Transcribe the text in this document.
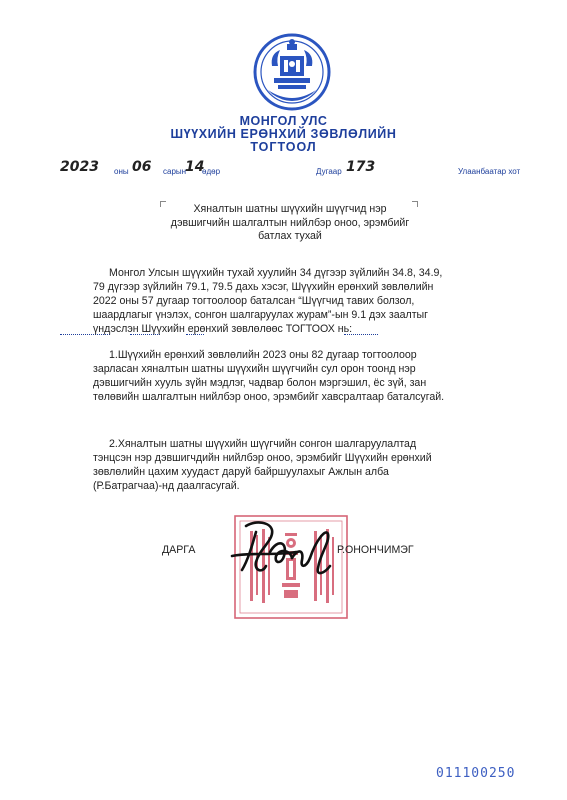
МОНГОЛ УЛС
ШҮҮХИЙН ЕРӨНХИЙ ЗӨВЛӨЛИЙН
ТОГТООЛ
2023 оны 06 сарын
14
өдөр	Дугаар 173	Улаанбаатар хот
Хяналтын шатны шүүхийн шүүгчид нэр дэвшигчийн шалгалтын нийлбэр оноо, эрэмбийг батлах тухай

Монгол Улсын шүүхийн тухай хуулийн 34 дүгээр зүйлийн 34.8, 34.9, 79 дүгээр зүйлийн 79.1, 79.5 дахь хэсэг, Шүүхийн ерөнхий зөвлөлийн 2022 оны 57 дугаар тогтоолоор баталсан “Шүүгчид тавих болзол, шаардлагыг үнэлэх, сонгон шалгаруулах журам”-ын 9.1 дэх заалтыг үндэслэн Шүүхийн ерөнхий зөвлөлөөс ТОГТООХ нь:

1.Шүүхийн ерөнхий зөвлөлийн 2023 оны 82 дугаар тогтоолоор зарласан хяналтын шатны шүүхийн шүүгчийн сул орон тоонд нэр дэвшигчийн хууль зүйн мэдлэг, чадвар болон мэргэшил, ёс зүй, зан төлөвийн шалгалтын нийлбэр оноо, эрэмбийг хавсралтаар баталсугай.

2.Хяналтын шатны шүүхийн шүүгчийн сонгон шалгаруулалтад тэнцсэн нэр дэвшигчдийн нийлбэр оноо, эрэмбийг Шүүхийн ерөнхий зөвлөлийн цахим хуудаст даруй байршуулахыг Ажлын алба (Р.Батрагчаа)-нд даалгасугай.

ДАРГА	Р.ОНОНЧИМЭГ
011100250
